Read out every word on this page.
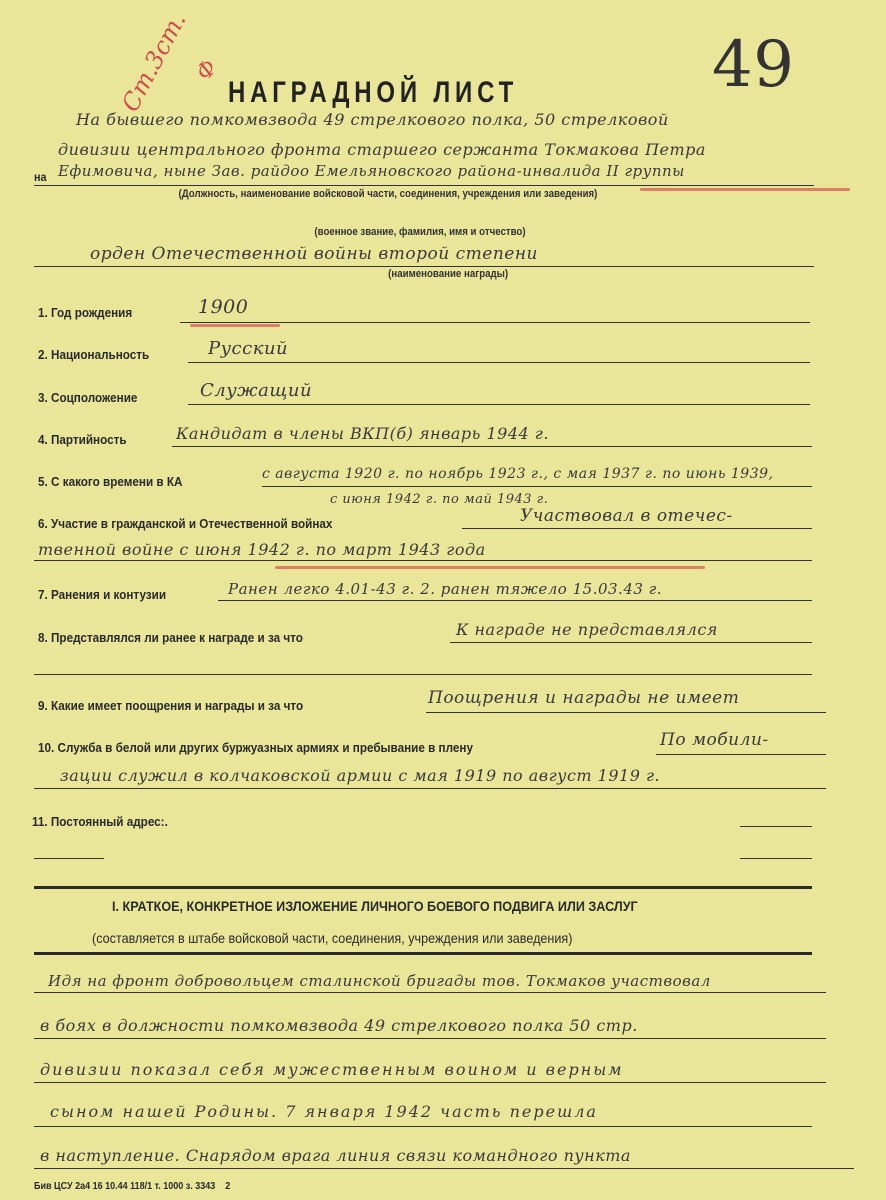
Ст.3ст. Ф	49
НАГРАДНОЙ ЛИСТ
На бывшего помкомвзвода 49 стрелкового полка, 50 стрелковой
дивизии центрального фронта старшего сержанта Токмакова Петра
на Ефимовича, ныне Зав. райдоо Емельяновского района-инвалида II группы
(Должность, наименование войсковой части, соединения, учреждения или заведения)
(военное звание, фамилия, имя и отчество)
орден Отечественной войны второй степени
(наименование награды)
1. Год рождения	1900
2. Национальность	Русский
3. Соцположение	Служащий
4. Партийность	Кандидат в члены ВКП(б) январь 1944 г.
5. С какого времени в КА	с августа 1920 г. по ноябрь 1923 г., с мая 1937 г. по июнь 1939,
с июня 1942 г. по май 1943 г.
6. Участие в гражданской и Отечественной войнах	Участвовал в отечес-
твенной войне с июня 1942 г. по март 1943 года
7. Ранения и контузии	Ранен легко 4.01-43 г. 2. ранен тяжело 15.03.43 г.
8. Представлялся ли ранее к награде и за что	К награде не представлялся
9. Какие имеет поощрения и награды и за что	Поощрения и награды не имеет
10. Служба в белой или других буржуазных армиях и пребывание в плену	По мобили-
зации служил в колчаковской армии с мая 1919 по август 1919 г.
11. Постоянный адрес:.
I. КРАТКОЕ, КОНКРЕТНОЕ ИЗЛОЖЕНИЕ ЛИЧНОГО БОЕВОГО ПОДВИГА ИЛИ ЗАСЛУГ
(составляется в штабе войсковой части, соединения, учреждения или заведения)
Идя на фронт добровольцем сталинской бригады тов. Токмаков участвовал
в боях в должности помкомвзвода 49 стрелкового полка 50 стр.
дивизии показал себя мужественным воином и верным
сыном нашей Родины. 7 января 1942 часть перешла
в наступление. Снарядом врага линия связи командного пункта
Бив ЦСУ 2а4 16 10.44 118/1 т. 1000 з. 3343    2
